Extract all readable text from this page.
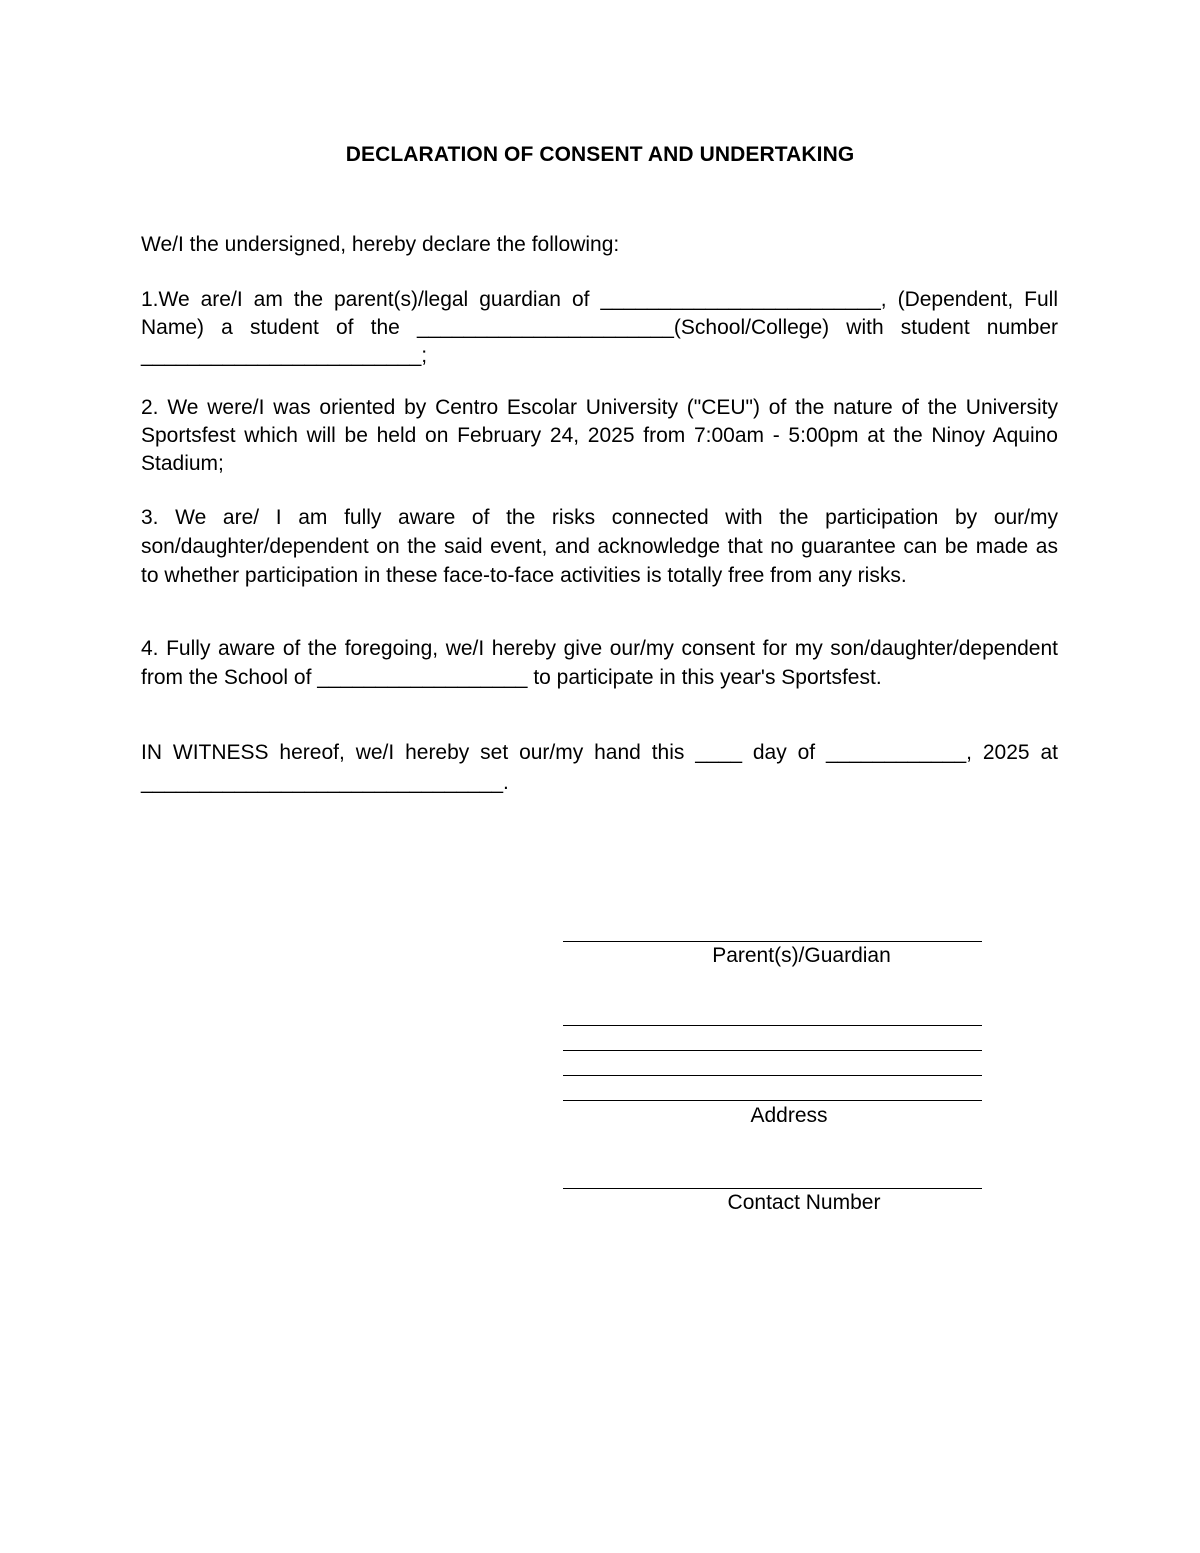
DECLARATION OF CONSENT AND UNDERTAKING

We/I the undersigned, hereby declare the following:

1.We are/I am the parent(s)/legal guardian of ________________________, (Dependent, Full Name) a student of the ______________________(School/College) with student number ________________________;

2. We were/I was oriented by Centro Escolar University ("CEU") of the nature of the University Sportsfest which will be held on February 24, 2025 from 7:00am - 5:00pm at the Ninoy Aquino Stadium;

3. We are/ I am fully aware of the risks connected with the participation by our/my son/daughter/dependent on the said event, and acknowledge that no guarantee can be made as to whether participation in these face-to-face activities is totally free from any risks.

4. Fully aware of the foregoing, we/I hereby give our/my consent for my son/daughter/dependent from the School of __________________ to participate in this year's Sportsfest.

IN WITNESS hereof, we/I hereby set our/my hand this ____ day of ____________, 2025 at _______________________________.

Parent(s)/Guardian
Address
Contact Number
